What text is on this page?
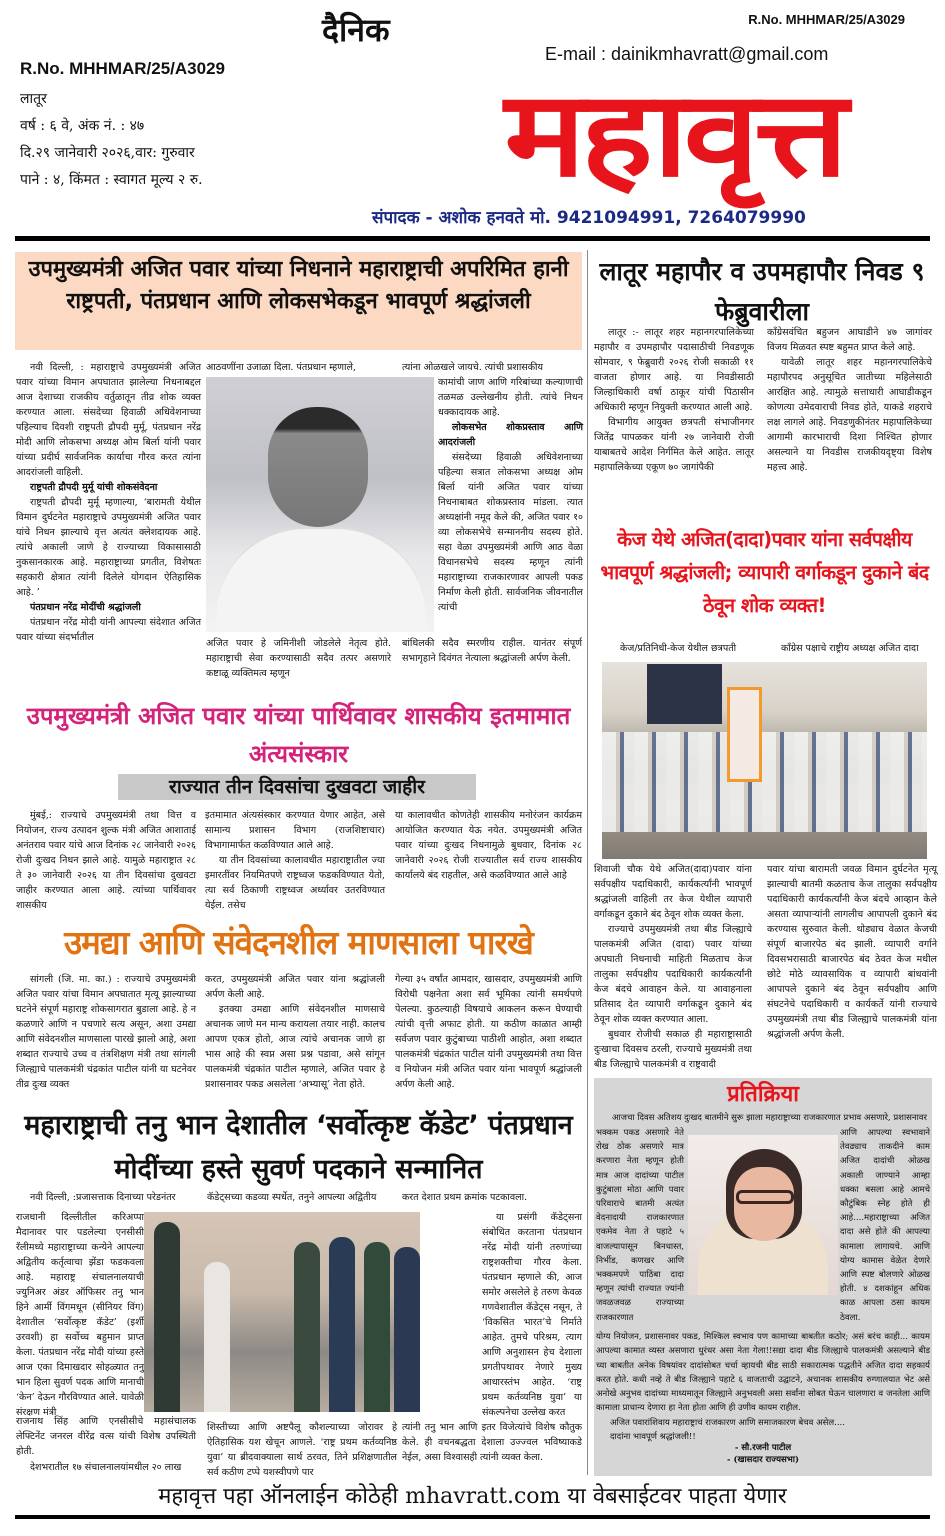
R.No. MHHMAR/25/A3029
R.No. MHHMAR/25/A3029
लातूर
वर्ष : ६ वे, अंक नं. : ४७
दि.२९ जानेवारी २०२६,वार: गुरुवार
पाने : ४, किंमत : स्वागत मूल्य २ रु.
दैनिक
E-mail : dainikmhavratt@gmail.com
महावृत्त
संपादक - अशोक हनवते मो. 9421094991, 7264079990
उपमुख्यमंत्री अजित पवार यांच्या निधनाने महाराष्ट्राची अपरिमित हानी राष्ट्रपती, पंतप्रधान आणि लोकसभेकडून भावपूर्ण श्रद्धांजली

नवी दिल्ली, : महाराष्ट्राचे उपमुख्यमंत्री अजित पवार यांच्या विमान अपघातात झालेल्या निधनाबद्दल आज देशाच्या राजकीय वर्तुळातून तीव्र शोक व्यक्त करण्यात आला. संसदेच्या हिवाळी अधिवेशनाच्या पहिल्याच दिवशी राष्ट्रपती द्रौपदी मुर्मू, पंतप्रधान नरेंद्र मोदी आणि लोकसभा अध्यक्ष ओम बिर्ला यांनी पवार यांच्या प्रदीर्घ सार्वजनिक कार्याचा गौरव करत त्यांना आदरांजली वाहिली.

राष्ट्रपती द्रौपदी मुर्मू यांची शोकसंवेदना

राष्ट्रपती द्रौपदी मुर्मू म्हणाल्या, ‘बारामती येथील विमान दुर्घटनेत महाराष्ट्राचे उपमुख्यमंत्री अजित पवार यांचे निधन झाल्याचे वृत्त अत्यंत क्लेशदायक आहे. त्यांचे अकाली जाणे हे राज्याच्या विकासासाठी नुकसानकारक आहे. महाराष्ट्राच्या प्रगतीत, विशेषतः सहकारी क्षेत्रात त्यांनी दिलेले योगदान ऐतिहासिक आहे. ’

पंतप्रधान नरेंद्र मोदींची श्रद्धांजली

पंतप्रधान नरेंद्र मोदी यांनी आपल्या संदेशात अजित पवार यांच्या संदर्भातील

आठवणींना उजाळा दिला. पंतप्रधान म्हणाले,
अजित पवार हे जमिनीशी जोडलेले नेतृत्व होते. महाराष्ट्राची सेवा करण्यासाठी सदैव तत्पर असणारे कष्टाळू व्यक्तिमत्व म्हणून
त्यांना ओळखले जायचे. त्यांची प्रशासकीय
कामांची जाण आणि गरिबांच्या कल्याणाची तळमळ उल्लेखनीय होती. त्यांचे निधन धक्कादायक आहे.
लोकसभेत शोकप्रस्ताव आणि आदरांजली

संसदेच्या हिवाळी अधिवेशनाच्या पहिल्या सत्रात लोकसभा अध्यक्ष ओम बिर्ला यांनी अजित पवार यांच्या निधनाबाबत शोकप्रस्ताव मांडला. त्यात अध्यक्षांनी नमूद केले की, अजित पवार १० व्या लोकसभेचे सन्माननीय सदस्य होते. सहा वेळा उपमुख्यमंत्री आणि आठ वेळा विधानसभेचे सदस्य म्हणून त्यांनी महाराष्ट्राच्या राजकारणावर आपली पकड निर्माण केली होती. सार्वजनिक जीवनातील त्यांची

बांधिलकी सदैव स्मरणीय राहील. यानंतर संपूर्ण सभागृहाने दिवंगत नेत्याला श्रद्धांजली अर्पण केली.
उपमुख्यमंत्री अजित पवार यांच्या पार्थिवावर शासकीय इतमामात अंत्यसंस्कार
राज्यात तीन दिवसांचा दुखवटा जाहीर

मुंबई,: राज्याचे उपमुख्यमंत्री तथा वित्त व नियोजन, राज्य उत्पादन शुल्क मंत्री अजित आशाताई अनंतराव पवार यांचे आज दिनांक २८ जानेवारी २०२६ रोजी दुःखद निधन झाले आहे. यामुळे महाराष्ट्रात २८ ते ३० जानेवारी २०२६ या तीन दिवसांचा दुखवटा जाहीर करण्यात आला आहे. त्यांच्या पार्थिवावर शासकीय

इतमामात अंत्यसंस्कार करण्यात येणार आहेत, असे सामान्य प्रशासन विभाग (राजशिष्टाचार) विभागामार्फत कळविण्यात आले आहे.

या तीन दिवसांच्या कालावधीत महाराष्ट्रातील ज्या इमारतींवर नियमितपणे राष्ट्रध्वज फडकविण्यात येतो, त्या सर्व ठिकाणी राष्ट्रध्वज अर्ध्यावर उतरविण्यात येईल. तसेच

या कालावधीत कोणतेही शासकीय मनोरंजन कार्यक्रम आयोजित करण्यात येऊ नयेत. उपमुख्यमंत्री अजित पवार यांच्या दुःखद निधनामुळे बुधवार, दिनांक २८ जानेवारी २०२६ रोजी राज्यातील सर्व राज्य शासकीय कार्यालये बंद राहतील, असे कळविण्यात आले आहे
उमद्या आणि संवेदनशील माणसाला पारखे

सांगली (जि. मा. का.) : राज्याचे उपमुख्यमंत्री अजित पवार यांचा विमान अपघातात मृत्यू झाल्याच्या घटनेने संपूर्ण महाराष्ट्र शोकसागरात बुडाला आहे. हे न कळणारे आणि न पचणारे सत्य असून, अशा उमद्या आणि संवेदनशील माणसाला पारखे झालो आहे, अशा शब्दात राज्याचे उच्च व तंत्रशिक्षण मंत्री तथा सांगली जिल्ह्याचे पालकमंत्री चंद्रकांत पाटील यांनी या घटनेवर तीव्र दुःख व्यक्त

करत, उपमुख्यमंत्री अजित पवार यांना श्रद्धांजली अर्पण केली आहे.

इतक्या उमद्या आणि संवेदनशील माणसाचे अचानक जाणे मन मान्य करायला तयार नाही. कालच आपण एकत्र होतो, आज त्यांचे अचानक जाणे हा भास आहे की स्वप्न असा प्रश्न पडावा, असे सांगून पालकमंत्री चंद्रकांत पाटील म्हणाले, अजित पवार हे प्रशासनावर पकड असलेला ‘अभ्यासू’ नेता होते.

गेल्या ३५ वर्षांत आमदार, खासदार, उपमुख्यमंत्री आणि विरोधी पक्षनेता अशा सर्व भूमिका त्यांनी समर्थपणे पेलल्या. कुठल्याही विषयाचे आकलन करून घेण्याची त्यांची वृत्ती अफाट होती. या कठीण काळात आम्ही सर्वजण पवार कुटुंबाच्या पाठीशी आहोत, अशा शब्दात पालकमंत्री चंद्रकांत पाटील यांनी उपमुख्यमंत्री तथा वित्त व नियोजन मंत्री अजित पवार यांना भावपूर्ण श्रद्धांजली अर्पण केली आहे.
महाराष्ट्राची तनु भान देशातील ‘सर्वोत्कृष्ट कॅडेट’ पंतप्रधान मोदींच्या हस्ते सुवर्ण पदकाने सन्मानित

नवी दिल्ली, :प्रजासत्ताक दिनाच्या परेडनंतर

राजधानी दिल्लीतील करिअप्पा मैदानावर पार पडलेल्या एनसीसी रॅलीमध्ये महाराष्ट्राच्या कन्येने आपल्या अद्वितीय कर्तृत्वाचा झेंडा फडकवला आहे. महाराष्ट्र संचालनालयाची ज्युनिअर अंडर ऑफिसर तनु भान हिने आर्मी विंगमधून (सीनियर विंग) देशातील ‘सर्वोत्कृष्ट कॅडेट’ (इर्शी उरवशी) हा सर्वोच्च बहुमान प्राप्त केला. पंतप्रधान नरेंद्र मोदी यांच्या हस्ते आज एका दिमाखदार सोहळ्यात तनु भान हिला सुवर्ण पदक आणि मानाची ‘केन’ देऊन गौरविण्यात आले. यावेळी संरक्षण मंत्री
राजनाथ सिंह आणि एनसीसीचे महासंचालक लेफ्टिनेंट जनरल वीरेंद्र वत्स यांची विशेष उपस्थिती होती.

देशभरातील १७ संचालनालयांमधील २० लाख

कॅडेट्सच्या कडव्या स्पर्धेत, तनुने आपल्या अद्वितीय
शिस्तीच्या आणि अष्टपैलू कौशल्याच्या जोरावर हे ऐतिहासिक यश खेचून आणले. ‘राष्ट्र प्रथम कर्तव्यनिष्ठ युवा’ या ब्रीदवाक्याला सार्थ ठरवत, तिने प्रशिक्षणातील सर्व कठीण टप्पे यशस्वीपणे पार
करत देशात प्रथम क्रमांक पटकावला.

या प्रसंगी कॅडेट्सना संबोधित करताना पंतप्रधान नरेंद्र मोदी यांनी तरुणांच्या राष्ट्रशक्तीचा गौरव केला. पंतप्रधान म्हणाले की, आज समोर असलेले हे तरुण केवळ गणवेशातील कॅडेट्स नसून, ते ‘विकसित भारत’चे निर्माते आहेत. तुमचे परिश्रम, त्याग आणि अनुशासन हेच देशाला प्रगतीपथावर नेणारे मुख्य आधारस्तंभ आहेत. ‘राष्ट्र प्रथम कर्तव्यनिष्ठ युवा’ या संकल्पनेचा उल्लेख करत

त्यांनी तनु भान आणि इतर विजेत्यांचे विशेष कौतुक केले. ही वचनबद्धता देशाला उज्ज्वल भविष्याकडे नेईल, असा विश्वासही त्यांनी व्यक्त केला.
लातूर महापौर व उपमहापौर निवड ९ फेब्रुवारीला

लातूर :- लातूर शहर महानगरपालिकेच्या महापौर व उपमहापौर पदासाठीची निवडणूक सोमवार, ९ फेब्रुवारी २०२६ रोजी सकाळी ११ वाजता होणार आहे. या निवडीसाठी जिल्हाधिकारी वर्षा ठाकूर यांची पिठासीन अधिकारी म्हणून नियुक्ती करण्यात आली आहे.

विभागीय आयुक्त छत्रपती संभाजीनगर जितेंद्र पापळकर यांनी २७ जानेवारी रोजी याबाबतचे आदेश निर्गमित केले आहेत. लातूर महापालिकेच्या एकूण ७० जागांपैकी

काँग्रेसवंचित बहुजन आघाडीने ४७ जागांवर विजय मिळवत स्पष्ट बहुमत प्राप्त केले आहे.

यावेळी लातूर शहर महानगरपालिकेचे महापौरपद अनुसूचित जातीच्या महिलेसाठी आरक्षित आहे. त्यामुळे सत्ताधारी आघाडीकडून कोणत्या उमेदवाराची निवड होते, याकडे शहराचे लक्ष लागले आहे. निवडणुकीनंतर महापालिकेच्या आगामी कारभाराची दिशा निश्चित होणार असल्याने या निवडीस राजकीयदृष्ट्या विशेष महत्त्व आहे.

केज येथे अजित(दादा)पवार यांना सर्वपक्षीय भावपूर्ण श्रद्धांजली; व्यापारी वर्गाकडून दुकाने बंद ठेवून शोक व्यक्त!

केज/प्रतिनिधी-केज येथील छत्रपती	काँग्रेस पक्षाचे राष्ट्रीय अध्यक्ष अजित दादा

शिवाजी चौक येथे अजित(दादा)पवार यांना सर्वपक्षीय पदाधिकारी, कार्यकर्त्यांनी भावपूर्ण श्रद्धांजली वाहिली तर केज येथील व्यापारी वर्गाकडून दुकाने बंद ठेवून शोक व्यक्त केला.

राज्याचे उपमुख्यमंत्री तथा बीड जिल्ह्याचे पालकमंत्री अजित (दादा) पवार यांच्या अपघाती निधनाची माहिती मिळताच केज तालुका सर्वपक्षीय पदाधिकारी कार्यकर्त्यांनी केज बंदचे आवाहन केले. या आवाहनाला प्रतिसाद देत व्यापारी वर्गाकडून दुकाने बंद ठेवून शोक व्यक्त करण्यात आला.

बुधवार रोजीची सकाळ ही महाराष्ट्रासाठी दुःखाचा दिवसच ठरली, राज्याचे मुख्यमंत्री तथा बीड जिल्ह्याचे पालकमंत्री व राष्ट्रवादी

पवार यांचा बारामती जवळ विमान दुर्घटनेत मृत्यू झाल्याची बातमी कळताच केज तालुका सर्वपक्षीय पदाधिकारी कार्यकर्त्यांनी केज बंदचे आव्हान केले असता व्यापाऱ्यांनी लागलीच आपापली दुकाने बंद करण्यास सुरुवात केली. थोड्याच वेळात केजची संपूर्ण बाजारपेठ बंद झाली. व्यापारी वर्गाने दिवसभरासाठी बाजारपेठ बंद ठेवत केज मधील छोटे मोठे व्यावसायिक व व्यापारी बांधवांनी आपापले दुकाने बंद ठेवून सर्वपक्षीय आणि संघटनेचे पदाधिकारी व कार्यकर्ते यांनी राज्याचे उपमुख्यमंत्री तथा बीड जिल्ह्याचे पालकमंत्री यांना श्रद्धांजली अर्पण केली.
प्रतिक्रिया
आजचा दिवस अतिशय दुःखद बातमीने सुरू झाला महाराष्ट्राच्या राजकारणात प्रभाव असणारे, प्रशासनावर
भक्कम पकड असणारे नेते रोख ठोक असणारे मात्र करणारा नेता म्हणून होती मात्र आज दादांच्या पाटील कुटुंबाला मोठा आणि पवार परिवाराचे बातमी अत्यंत वेदनादायी राजकारणात एकमेव नेता ते पहाटे ५ वाजल्यापासून बिनधास्त, निर्भीड, कणखर आणि भक्कमपणे पाठिंबा दादा म्हणून त्यांची राज्यात ज्यांनी जवळजवळ राज्याच्या राजकारणात
आणि आपल्या स्वभावाने तेवढ्याच ताकदीने काम अजित दादांची ओळख अकाली जाण्याने आम्हा धक्का बसला आहे आमचे कौटुंबिक स्नेह होते ही आहे....महाराष्ट्राच्या अजित दादा असे होते की आपल्या कामाला लागायचे. आणि योग्य कामास वेळेत देणारे आणि स्पष्ट बोलणारे ओळख होती. ४ दशकांहून अधिक काळ आपला ठसा कायम ठेवला.
योग्य नियोजन, प्रशासनावर पकड, मिश्किल स्वभाव पण कामाच्या बाबतीत कठोर; असं बरंच काही... कायम आपल्या कामात व्यस्त असणारा धुरंधर असा नेता गेला!!सद्या दादा बीड जिल्ह्याचे पालकमंत्री असल्याने बीड च्या बाबतीत अनेक विषयांवर दादांसोबत चर्चा व्हायची बीड साठी सकारात्मक पद्धतीने अजित दादा सहकार्य करत होते. कधी नव्हे ते बीड जिल्ह्याने पहाटे ६ वाजताची उद्घाटने, अचानक शासकीय रुग्णालयात भेट असे अनोखे अनुभव दादांच्या माध्यमातून जिल्ह्याने अनुभवली असा सर्वांना सोबत घेऊन चालणारा व जनतेला आणि कामाला प्राधान्य देणारा हा नेता होता आणि ही उणीव कायम राहील.
अजित पवारांशिवाय महाराष्ट्राचं राजकारण आणि समाजकारण बेचव असेल....
दादांना भावपूर्ण श्रद्धांजली!!
- सौ.रजनी पाटील
- (खासदार राज्यसभा)
महावृत्त पहा ऑनलाईन कोठेही mhavratt.com या वेबसाईटवर पाहता येणार
